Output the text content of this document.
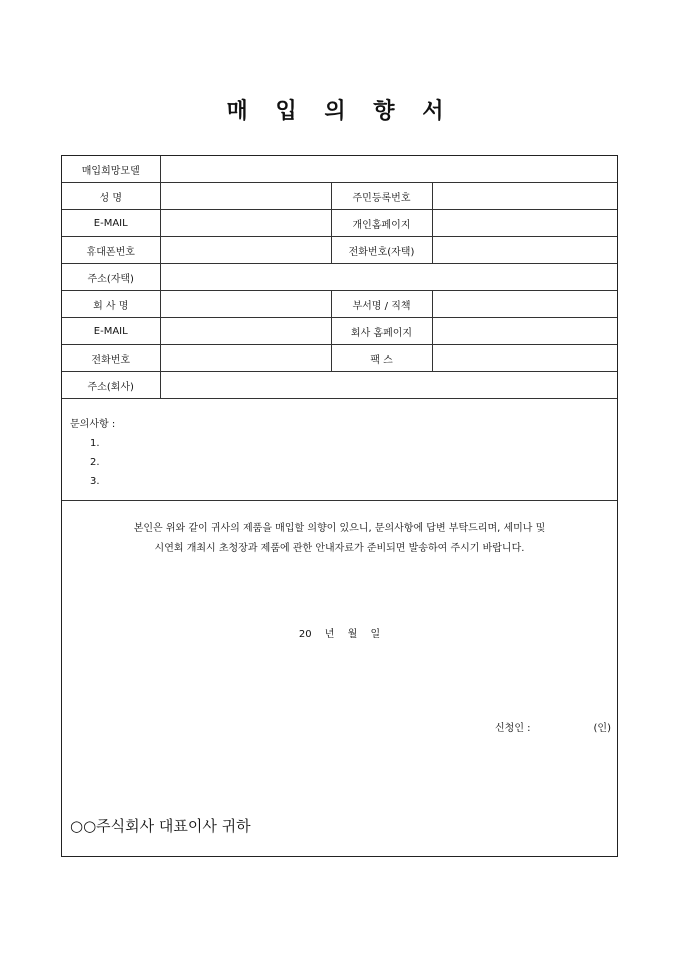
매 입 의 향 서
매입희망모델			
성 명		주민등록번호	
E-MAIL		개인홈페이지	
휴대폰번호		전화번호(자택)	
주소(자택)			
회 사 명		부서명 / 직책	
E-MAIL		회사 홈페이지	
전화번호		팩 스	
주소(회사)			
문의사항 :
1.
2.
3.
본인은 위와 같이 귀사의 제품을 매입할 의향이 있으니, 문의사항에 답변 부탁드리며, 세미나 및
시연회 개최시 초청장과 제품에 관한 안내자료가 준비되면 발송하여 주시기 바랍니다.
20 년 월 일
신청인 :	(인)
○○주식회사 대표이사 귀하
